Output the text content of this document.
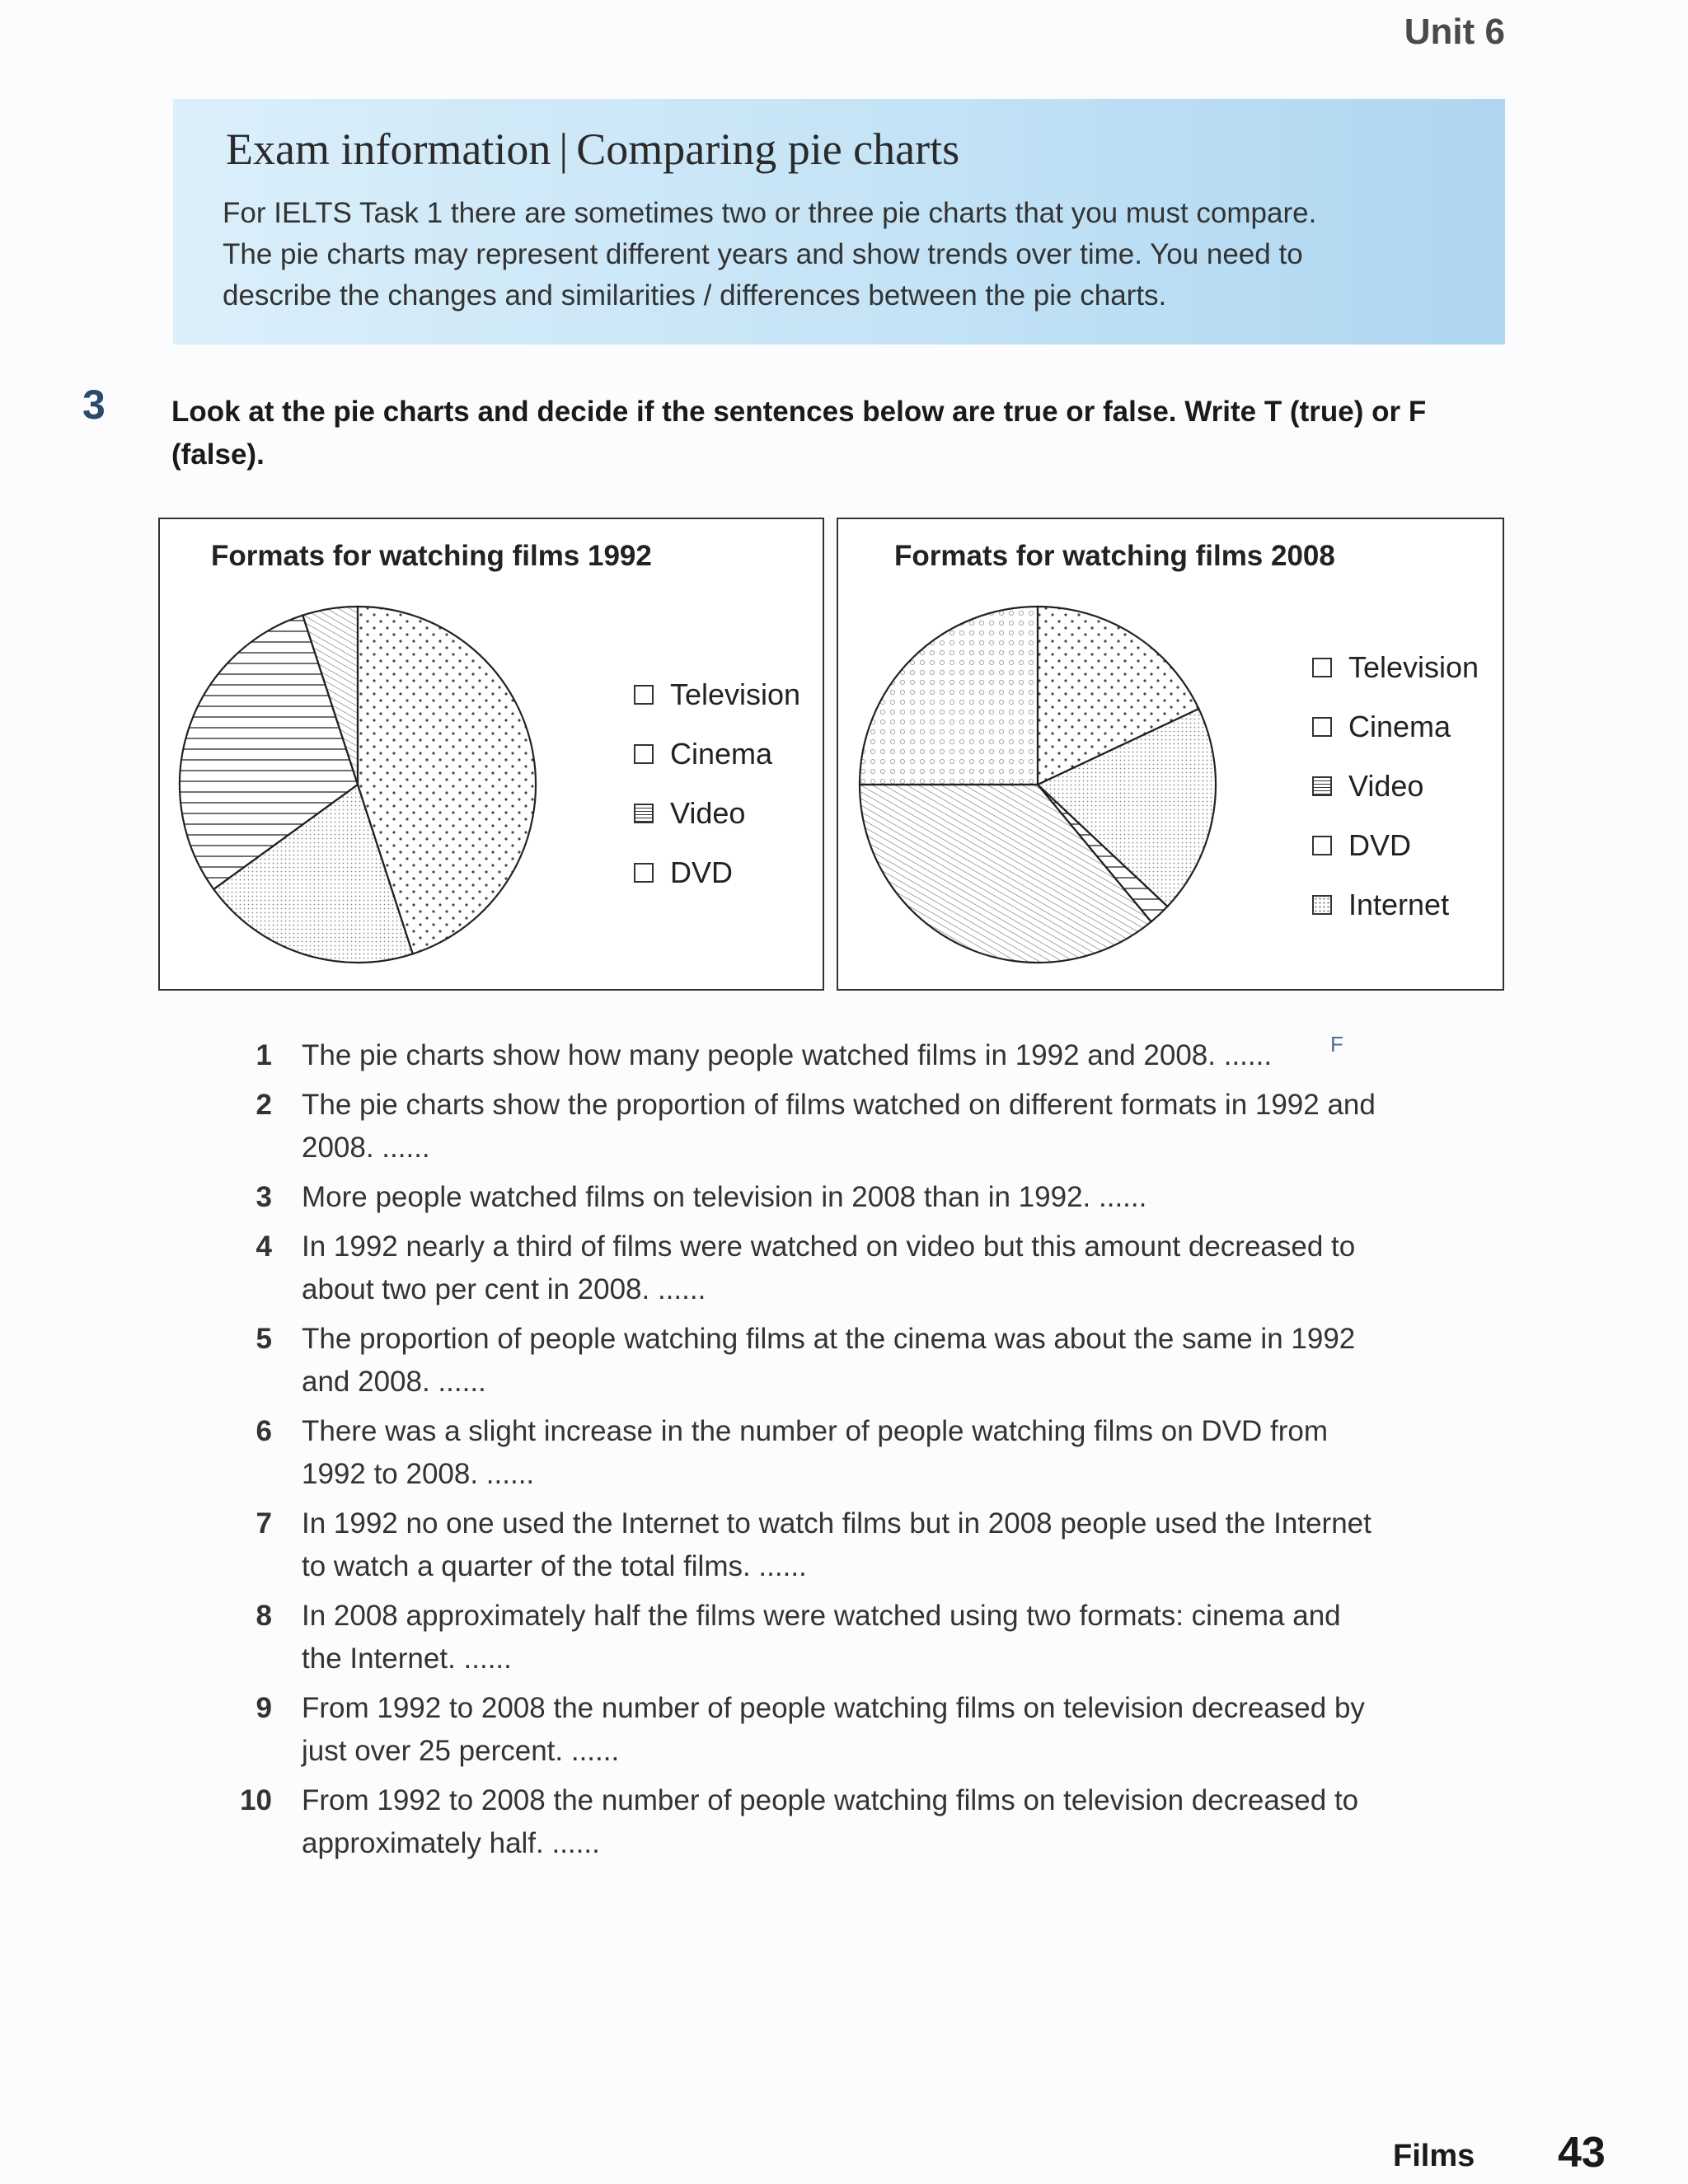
Unit 6
Exam information | Comparing pie charts
For IELTS Task 1 there are sometimes two or three pie charts that you must compare.
The pie charts may represent different years and show trends over time. You need to
describe the changes and similarities / differences between the pie charts.
3 Look at the pie charts and decide if the sentences below are true or false. Write T (true) or F
(false).
Formats for watching films 1992
Television
Cinema
Video
DVD
Formats for watching films 2008
Television
Cinema
Video
DVD
Internet
1	The pie charts show how many people watched films in 1992 and 2008. ......
2	The pie charts show the proportion of films watched on different formats in 1992 and
2008. ......
3	More people watched films on television in 2008 than in 1992. ......
4	In 1992 nearly a third of films were watched on video but this amount decreased to
about two per cent in 2008. ......
5	The proportion of people watching films at the cinema was about the same in 1992
and 2008. ......
6	There was a slight increase in the number of people watching films on DVD from
1992 to 2008. ......
7	In 1992 no one used the Internet to watch films but in 2008 people used the Internet
to watch a quarter of the total films. ......
8	In 2008 approximately half the films were watched using two formats: cinema and
the Internet. ......
9	From 1992 to 2008 the number of people watching films on television decreased by
just over 25 percent. ......
10	From 1992 to 2008 the number of people watching films on television decreased to
approximately half. ......
F
Films 43
